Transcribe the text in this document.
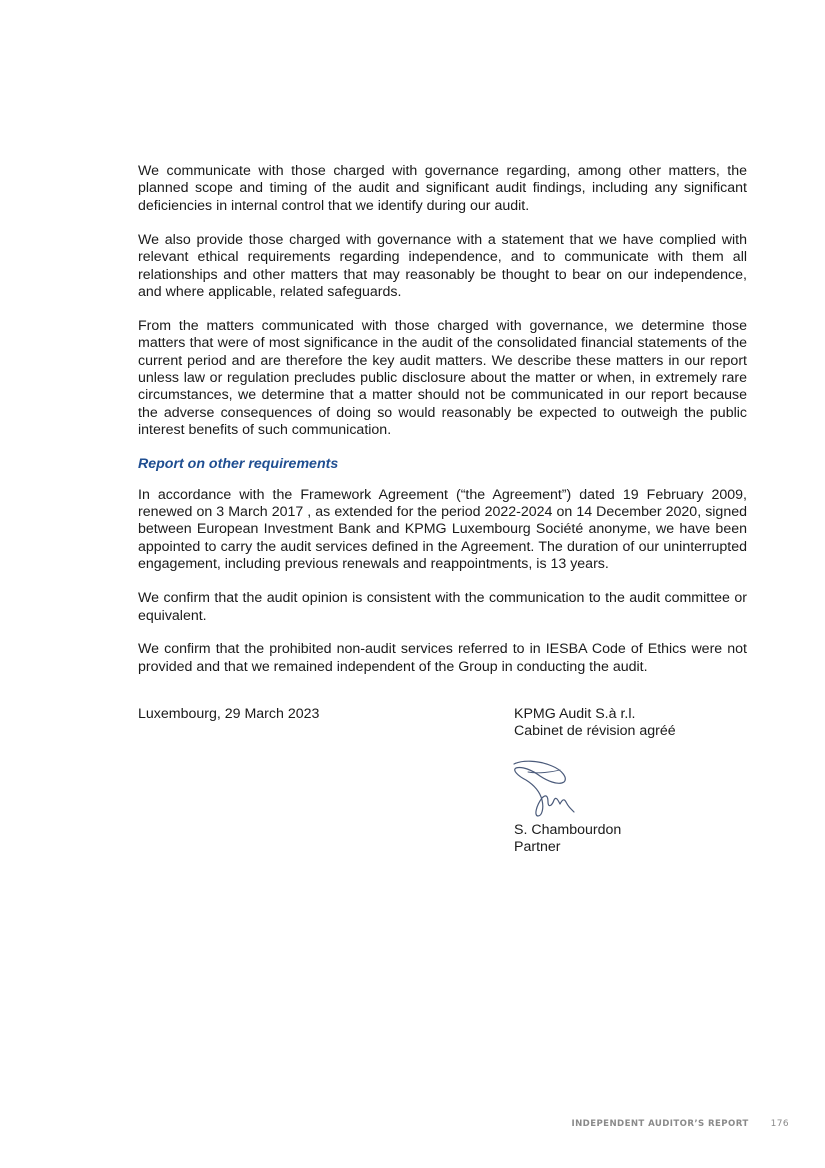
We communicate with those charged with governance regarding, among other matters, the planned scope and timing of the audit and significant audit findings, including any significant deficiencies in internal control that we identify during our audit.

We also provide those charged with governance with a statement that we have complied with relevant ethical requirements regarding independence, and to communicate with them all relationships and other matters that may reasonably be thought to bear on our independence, and where applicable, related safeguards.

From the matters communicated with those charged with governance, we determine those matters that were of most significance in the audit of the consolidated financial statements of the current period and are therefore the key audit matters. We describe these matters in our report unless law or regulation precludes public disclosure about the matter or when, in extremely rare circumstances, we determine that a matter should not be communicated in our report because the adverse consequences of doing so would reasonably be expected to outweigh the public interest benefits of such communication.

Report on other requirements

In accordance with the Framework Agreement (“the Agreement”) dated 19 February 2009, renewed on 3 March 2017 , as extended for the period 2022-2024 on 14 December 2020, signed between European Investment Bank and KPMG Luxembourg Société anonyme, we have been appointed to carry the audit services defined in the Agreement. The duration of our uninterrupted engagement, including previous renewals and reappointments, is 13 years.

We confirm that the audit opinion is consistent with the communication to the audit committee or equivalent.

We confirm that the prohibited non-audit services referred to in IESBA Code of Ethics were not provided and that we remained independent of the Group in conducting the audit.

Luxembourg, 29 March 2023	KPMG Audit S.à r.l.
Cabinet de révision agréé
S. Chambourdon
Partner
INDEPENDENT AUDITOR’S REPORT 176
